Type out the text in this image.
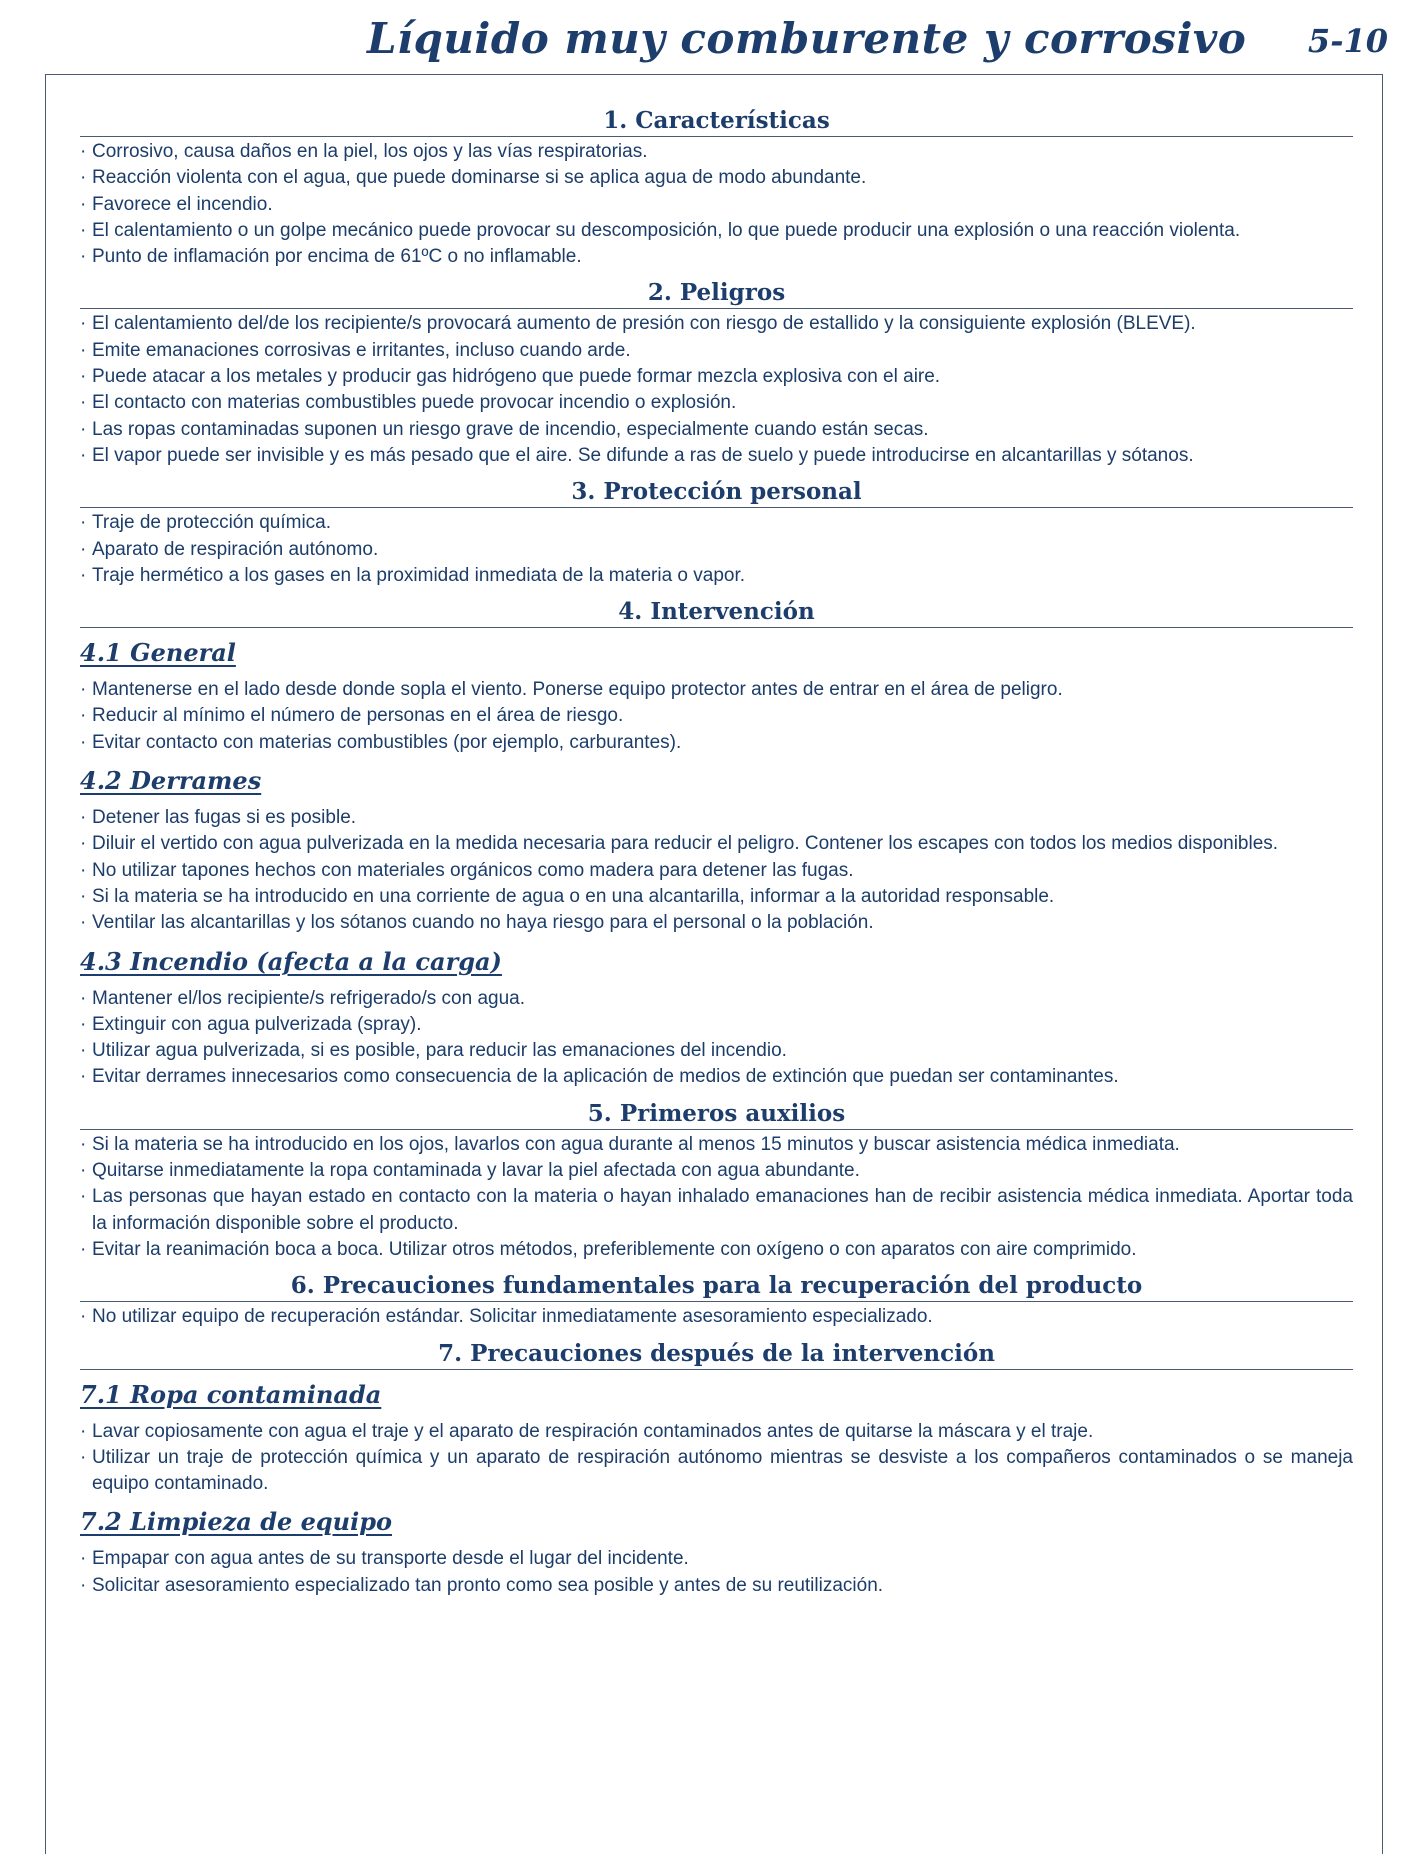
Líquido muy comburente y corrosivo 5-10
1. Características
· Corrosivo, causa daños en la piel, los ojos y las vías respiratorias.
· Reacción violenta con el agua, que puede dominarse si se aplica agua de modo abundante.
· Favorece el incendio.
· El calentamiento o un golpe mecánico puede provocar su descomposición, lo que puede producir una explosión o una reacción violenta.
· Punto de inflamación por encima de 61ºC o no inflamable.
2. Peligros
· El calentamiento del/de los recipiente/s provocará aumento de presión con riesgo de estallido y la consiguiente explosión (BLEVE).
· Emite emanaciones corrosivas e irritantes, incluso cuando arde.
· Puede atacar a los metales y producir gas hidrógeno que puede formar mezcla explosiva con el aire.
· El contacto con materias combustibles puede provocar incendio o explosión.
· Las ropas contaminadas suponen un riesgo grave de incendio, especialmente cuando están secas.
· El vapor puede ser invisible y es más pesado que el aire. Se difunde a ras de suelo y puede introducirse en alcantarillas y sótanos.
3. Protección personal
· Traje de protección química.
· Aparato de respiración autónomo.
· Traje hermético a los gases en la proximidad inmediata de la materia o vapor.
4. Intervención
4.1 General
· Mantenerse en el lado desde donde sopla el viento. Ponerse equipo protector antes de entrar en el área de peligro.
· Reducir al mínimo el número de personas en el área de riesgo.
· Evitar contacto con materias combustibles (por ejemplo, carburantes).
4.2 Derrames
· Detener las fugas si es posible.
· Diluir el vertido con agua pulverizada en la medida necesaria para reducir el peligro. Contener los escapes con todos los medios disponibles.
· No utilizar tapones hechos con materiales orgánicos como madera para detener las fugas.
· Si la materia se ha introducido en una corriente de agua o en una alcantarilla, informar a la autoridad responsable.
· Ventilar las alcantarillas y los sótanos cuando no haya riesgo para el personal o la población.
4.3 Incendio (afecta a la carga)
· Mantener el/los recipiente/s refrigerado/s con agua.
· Extinguir con agua pulverizada (spray).
· Utilizar agua pulverizada, si es posible, para reducir las emanaciones del incendio.
· Evitar derrames innecesarios como consecuencia de la aplicación de medios de extinción que puedan ser contaminantes.
5. Primeros auxilios
· Si la materia se ha introducido en los ojos, lavarlos con agua durante al menos 15 minutos y buscar asistencia médica inmediata.
· Quitarse inmediatamente la ropa contaminada y lavar la piel afectada con agua abundante.
· Las personas que hayan estado en contacto con la materia o hayan inhalado emanaciones han de recibir asistencia médica inmediata. Aportar toda la información disponible sobre el producto.
· Evitar la reanimación boca a boca. Utilizar otros métodos, preferiblemente con oxígeno o con aparatos con aire comprimido.
6. Precauciones fundamentales para la recuperación del producto
· No utilizar equipo de recuperación estándar. Solicitar inmediatamente asesoramiento especializado.
7. Precauciones después de la intervención
7.1 Ropa contaminada
· Lavar copiosamente con agua el traje y el aparato de respiración contaminados antes de quitarse la máscara y el traje.
· Utilizar un traje de protección química y un aparato de respiración autónomo mientras se desviste a los compañeros contaminados o se maneja equipo contaminado.
7.2 Limpieza de equipo
· Empapar con agua antes de su transporte desde el lugar del incidente.
· Solicitar asesoramiento especializado tan pronto como sea posible y antes de su reutilización.
